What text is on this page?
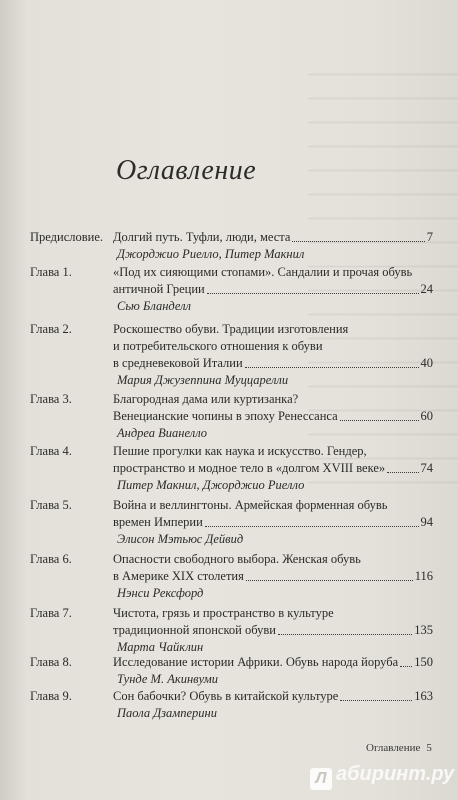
Оглавление
Предисловие. Долгий путь. Туфли, люди, места	7
Джорджио Риелло, Питер Макнил
Глава 1.	«Под их сияющими стопами». Сандалии и прочая обувь
античной Греции	24
Сью Бланделл
Глава 2.	Роскошество обуви. Традиции изготовления
и потребительского отношения к обуви
в средневековой Италии	40
Мария Джузеппина Муццарелли
Глава 3.	Благородная дама или куртизанка?
Венецианские чопины в эпоху Ренессанса	60
Андреа Вианелло
Глава 4.	Пешие прогулки как наука и искусство. Гендер,
пространство и модное тело в «долгом XVIII веке»	74
Питер Макнил, Джорджио Риелло
Глава 5.	Война и веллингтоны. Армейская форменная обувь
времен Империи	94
Элисон Мэтьюс Дейвид
Глава 6.	Опасности свободного выбора. Женская обувь
в Америке XIX столетия	116
Нэнси Рексфорд
Глава 7.	Чистота, грязь и пространство в культуре
традиционной японской обуви	135
Марта Чайклин
Глава 8.	Исследование истории Африки. Обувь народа йоруба 150
Тунде М. Акинвуми
Глава 9.	Сон бабочки? Обувь в китайской культуре	163
Паола Дзамперини
Оглавление 5
Л абиринт.ру
